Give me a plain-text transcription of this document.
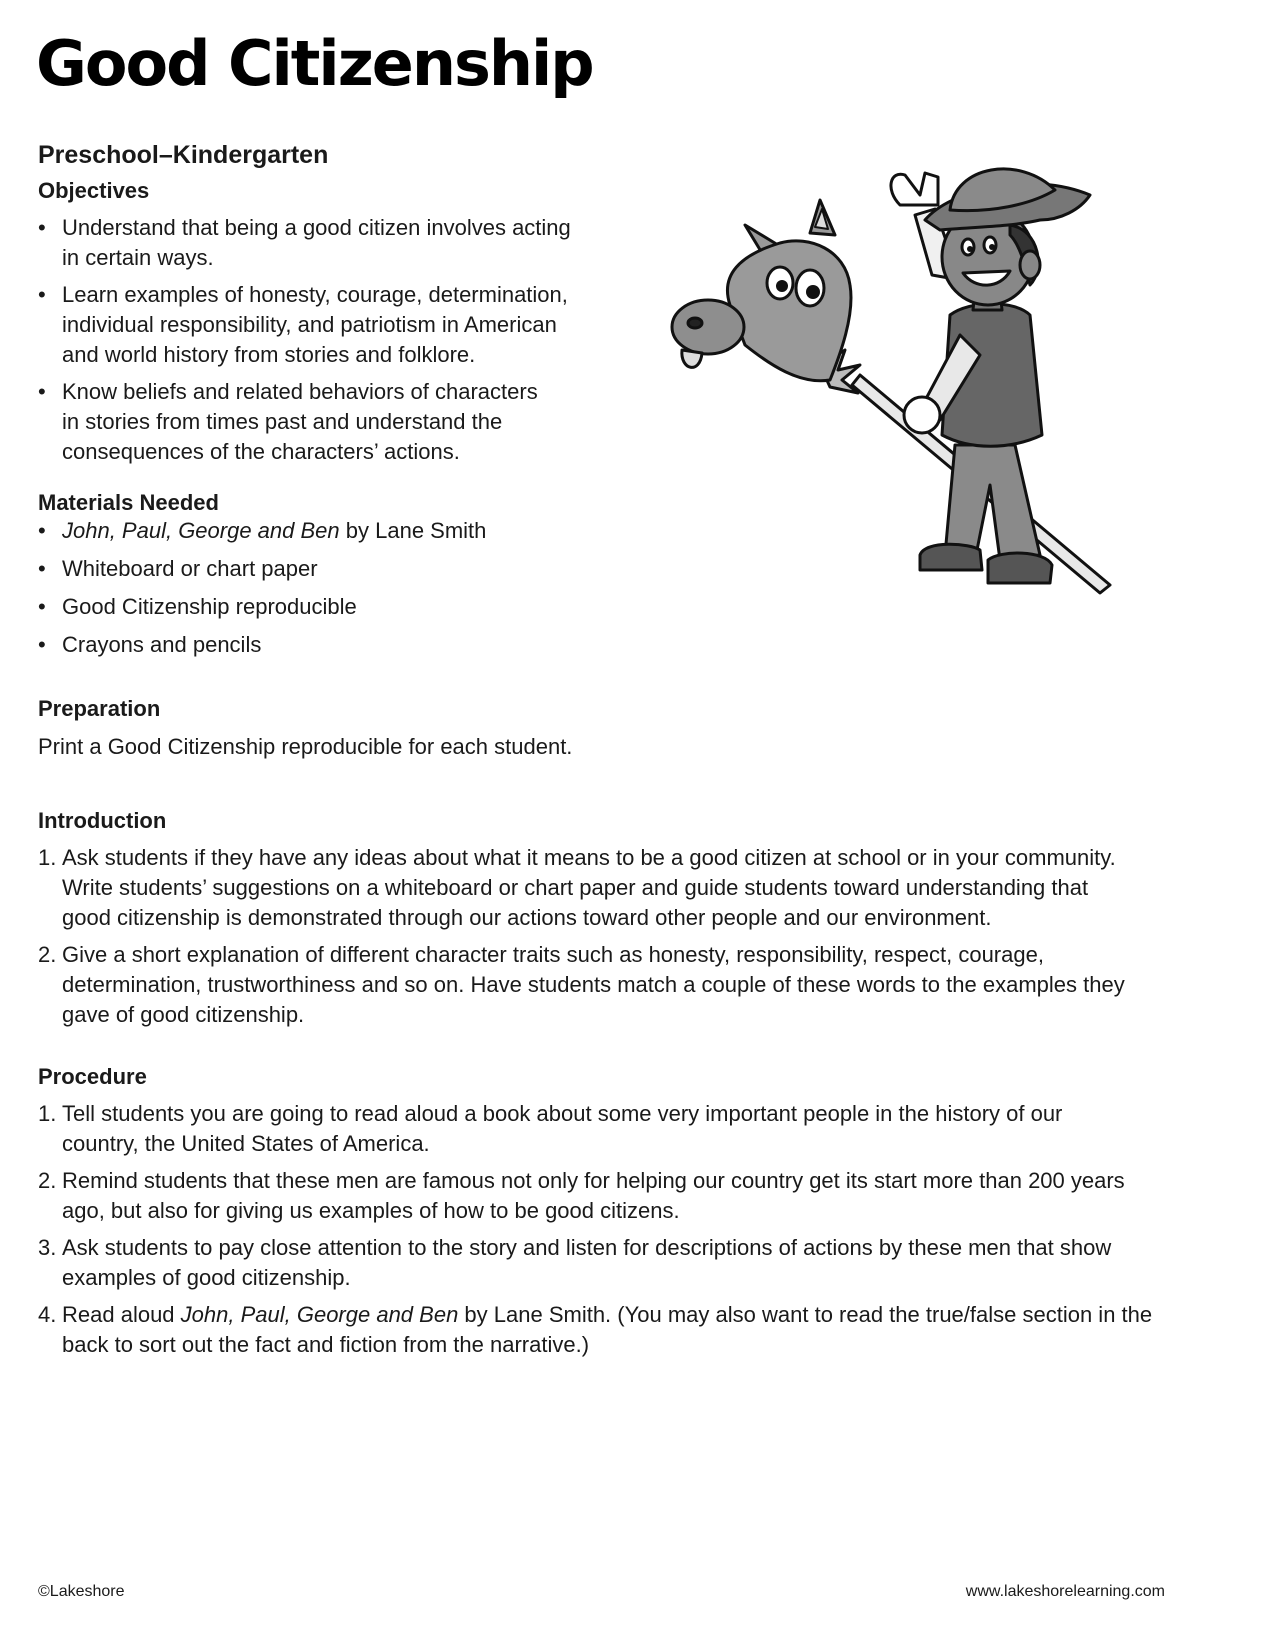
Good Citizenship
Preschool–Kindergarten
Objectives
• Understand that being a good citizen involves acting
in certain ways.
• Learn examples of honesty, courage, determination,
individual responsibility, and patriotism in American
and world history from stories and folklore.
• Know beliefs and related behaviors of characters
in stories from times past and understand the
consequences of the characters’ actions.
Materials Needed
• John, Paul, George and Ben by Lane Smith
• Whiteboard or chart paper
• Good Citizenship reproducible
• Crayons and pencils
Preparation

Print a Good Citizenship reproducible for each student.

Introduction
1. Ask students if they have any ideas about what it means to be a good citizen at school or in your community.
Write students’ suggestions on a whiteboard or chart paper and guide students toward understanding that
good citizenship is demonstrated through our actions toward other people and our environment.
2. Give a short explanation of different character traits such as honesty, responsibility, respect, courage,
determination, trustworthiness and so on. Have students match a couple of these words to the examples they
gave of good citizenship.
Procedure
1. Tell students you are going to read aloud a book about some very important people in the history of our
country, the United States of America.
2. Remind students that these men are famous not only for helping our country get its start more than 200 years
ago, but also for giving us examples of how to be good citizens.
3. Ask students to pay close attention to the story and listen for descriptions of actions by these men that show
examples of good citizenship.
4. Read aloud John, Paul, George and Ben by Lane Smith. (You may also want to read the true/false section in the
back to sort out the fact and fiction from the narrative.)
©Lakeshore	www.lakeshorelearning.com
